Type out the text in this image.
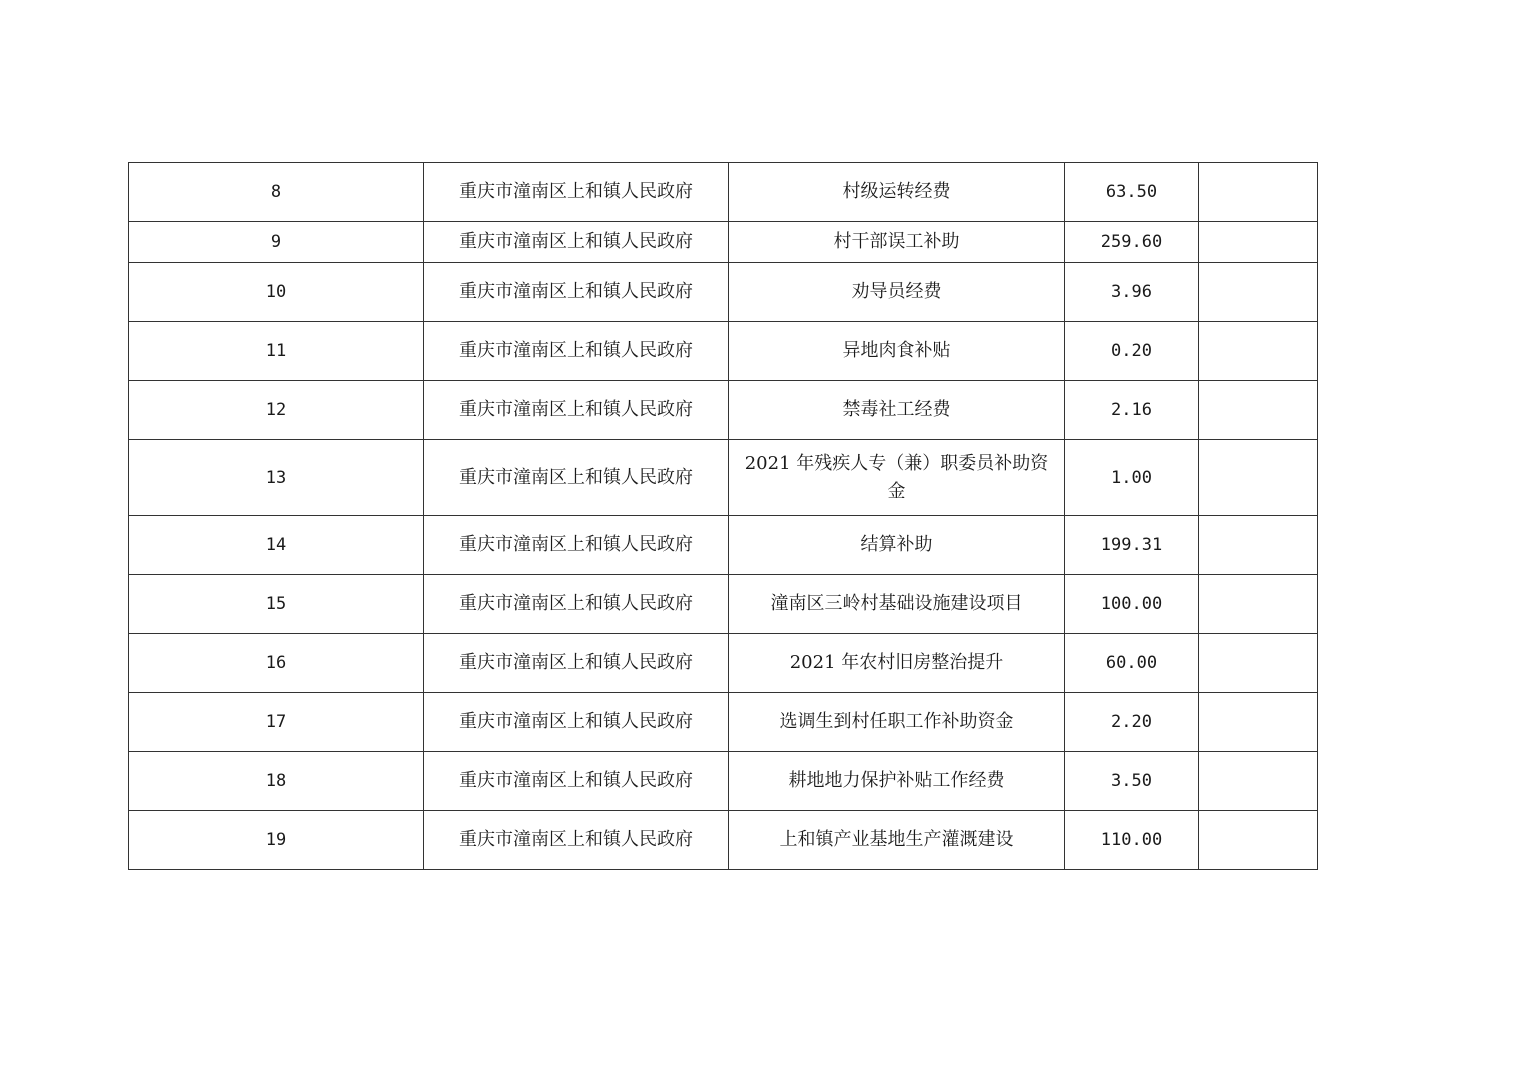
8	重庆市潼南区上和镇人民政府	村级运转经费	63.50	
9	重庆市潼南区上和镇人民政府	村干部误工补助	259.60	
10	重庆市潼南区上和镇人民政府	劝导员经费	3.96	
11	重庆市潼南区上和镇人民政府	异地肉食补贴	0.20	
12	重庆市潼南区上和镇人民政府	禁毒社工经费	2.16	
13	重庆市潼南区上和镇人民政府	2021 年残疾人专（兼）职委员补助资金	1.00	
14	重庆市潼南区上和镇人民政府	结算补助	199.31	
15	重庆市潼南区上和镇人民政府	潼南区三岭村基础设施建设项目	100.00	
16	重庆市潼南区上和镇人民政府	2021 年农村旧房整治提升	60.00	
17	重庆市潼南区上和镇人民政府	选调生到村任职工作补助资金	2.20	
18	重庆市潼南区上和镇人民政府	耕地地力保护补贴工作经费	3.50	
19	重庆市潼南区上和镇人民政府	上和镇产业基地生产灌溉建设	110.00	
